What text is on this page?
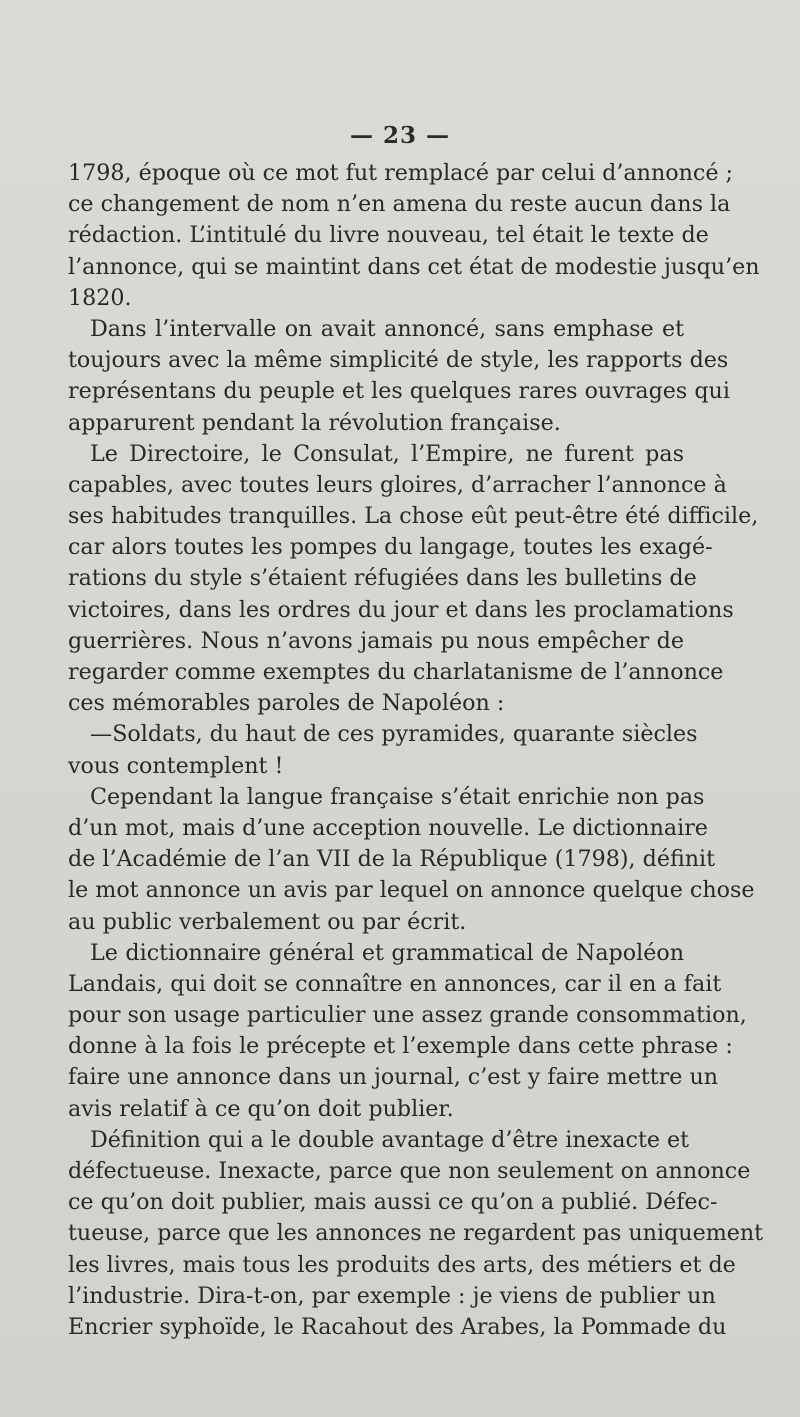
— 23 —
1798, époque où ce mot fut remplacé par celui d’annoncé ;
ce changement de nom n’en amena du reste aucun dans la
rédaction. L’intitulé du livre nouveau, tel était le texte de
l’annonce, qui se maintint dans cet état de modestie jusqu’en
1820.
Dans l’intervalle on avait annoncé, sans emphase et
toujours avec la même simplicité de style, les rapports des
représentans du peuple et les quelques rares ouvrages qui
apparurent pendant la révolution française.
Le Directoire, le Consulat, l’Empire, ne furent pas
capables, avec toutes leurs gloires, d’arracher l’annonce à
ses habitudes tranquilles. La chose eût peut-être été difficile,
car alors toutes les pompes du langage, toutes les exagé-
rations du style s’étaient réfugiées dans les bulletins de
victoires, dans les ordres du jour et dans les proclamations
guerrières. Nous n’avons jamais pu nous empêcher de
regarder comme exemptes du charlatanisme de l’annonce
ces mémorables paroles de Napoléon :
—Soldats, du haut de ces pyramides, quarante siècles
vous contemplent !
Cependant la langue française s’était enrichie non pas
d’un mot, mais d’une acception nouvelle. Le dictionnaire
de l’Académie de l’an VII de la République (1798), définit
le mot annonce un avis par lequel on annonce quelque chose
au public verbalement ou par écrit.
Le dictionnaire général et grammatical de Napoléon
Landais, qui doit se connaître en annonces, car il en a fait
pour son usage particulier une assez grande consommation,
donne à la fois le précepte et l’exemple dans cette phrase :
faire une annonce dans un journal, c’est y faire mettre un
avis relatif à ce qu’on doit publier.
Définition qui a le double avantage d’être inexacte et
défectueuse. Inexacte, parce que non seulement on annonce
ce qu’on doit publier, mais aussi ce qu’on a publié. Défec-
tueuse, parce que les annonces ne regardent pas uniquement
les livres, mais tous les produits des arts, des métiers et de
l’industrie. Dira-t-on, par exemple : je viens de publier un
Encrier syphoïde, le Racahout des Arabes, la Pommade du
